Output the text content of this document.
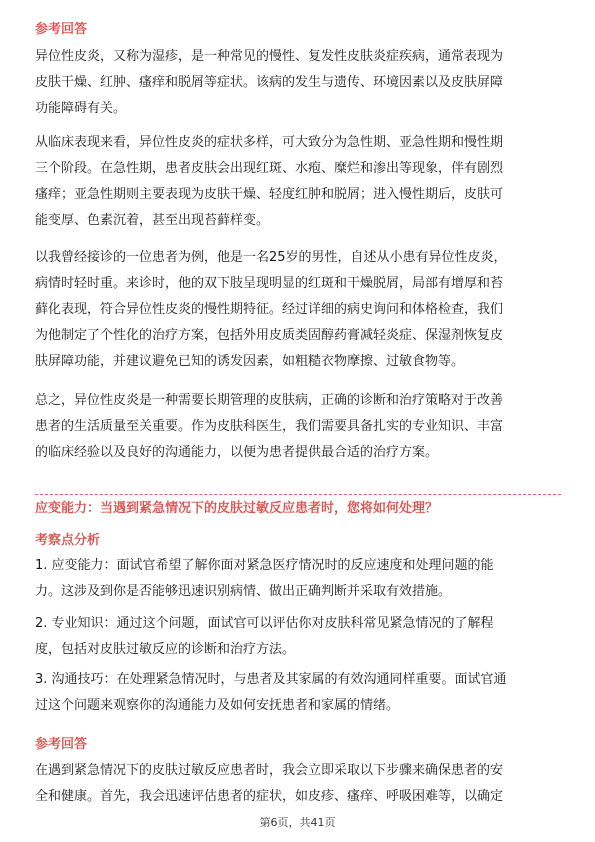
参考回答
异位性皮炎，又称为湿疹，是一种常见的慢性、复发性皮肤炎症疾病，通常表现为
皮肤干燥、红肿、瘙痒和脱屑等症状。该病的发生与遗传、环境因素以及皮肤屏障
功能障碍有关。
从临床表现来看，异位性皮炎的症状多样，可大致分为急性期、亚急性期和慢性期
三个阶段。在急性期，患者皮肤会出现红斑、水疱、糜烂和渗出等现象，伴有剧烈
瘙痒；亚急性期则主要表现为皮肤干燥、轻度红肿和脱屑；进入慢性期后，皮肤可
能变厚、色素沉着，甚至出现苔藓样变。
以我曾经接诊的一位患者为例，他是一名25岁的男性，自述从小患有异位性皮炎，
病情时轻时重。来诊时，他的双下肢呈现明显的红斑和干燥脱屑，局部有增厚和苔
藓化表现，符合异位性皮炎的慢性期特征。经过详细的病史询问和体格检查，我们
为他制定了个性化的治疗方案，包括外用皮质类固醇药膏减轻炎症、保湿剂恢复皮
肤屏障功能，并建议避免已知的诱发因素，如粗糙衣物摩擦、过敏食物等。
总之，异位性皮炎是一种需要长期管理的皮肤病，正确的诊断和治疗策略对于改善
患者的生活质量至关重要。作为皮肤科医生，我们需要具备扎实的专业知识、丰富
的临床经验以及良好的沟通能力，以便为患者提供最合适的治疗方案。
应变能力：当遇到紧急情况下的皮肤过敏反应患者时，您将如何处理？
考察点分析
1. 应变能力：面试官希望了解你面对紧急医疗情况时的反应速度和处理问题的能
力。这涉及到你是否能够迅速识别病情、做出正确判断并采取有效措施。
2. 专业知识：通过这个问题，面试官可以评估你对皮肤科常见紧急情况的了解程
度，包括对皮肤过敏反应的诊断和治疗方法。
3. 沟通技巧：在处理紧急情况时，与患者及其家属的有效沟通同样重要。面试官通
过这个问题来观察你的沟通能力及如何安抚患者和家属的情绪。
参考回答
在遇到紧急情况下的皮肤过敏反应患者时，我会立即采取以下步骤来确保患者的安
全和健康。首先，我会迅速评估患者的症状，如皮疹、瘙痒、呼吸困难等，以确定
第6页，共41页
